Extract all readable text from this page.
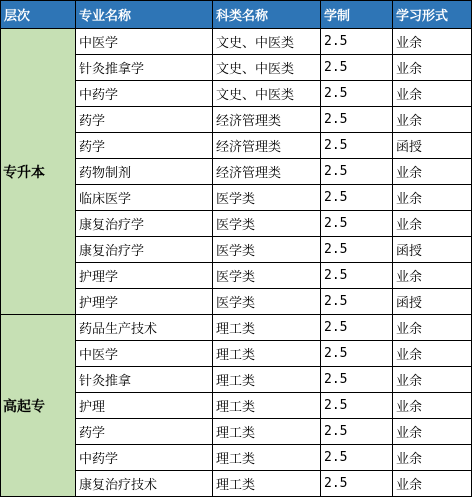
层次	专业名称	科类名称	学制	学习形式
专升本	中医学	文史、中医类	2.5	业余
	针灸推拿学	文史、中医类	2.5	业余
	中药学	文史、中医类	2.5	业余
	药学	经济管理类	2.5	业余
	药学	经济管理类	2.5	函授
	药物制剂	经济管理类	2.5	业余
	临床医学	医学类	2.5	业余
	康复治疗学	医学类	2.5	业余
	康复治疗学	医学类	2.5	函授
	护理学	医学类	2.5	业余
	护理学	医学类	2.5	函授
高起专	药品生产技术	理工类	2.5	业余
	中医学	理工类	2.5	业余
	针灸推拿	理工类	2.5	业余
	护理	理工类	2.5	业余
	药学	理工类	2.5	业余
	中药学	理工类	2.5	业余
	康复治疗技术	理工类	2.5	业余
